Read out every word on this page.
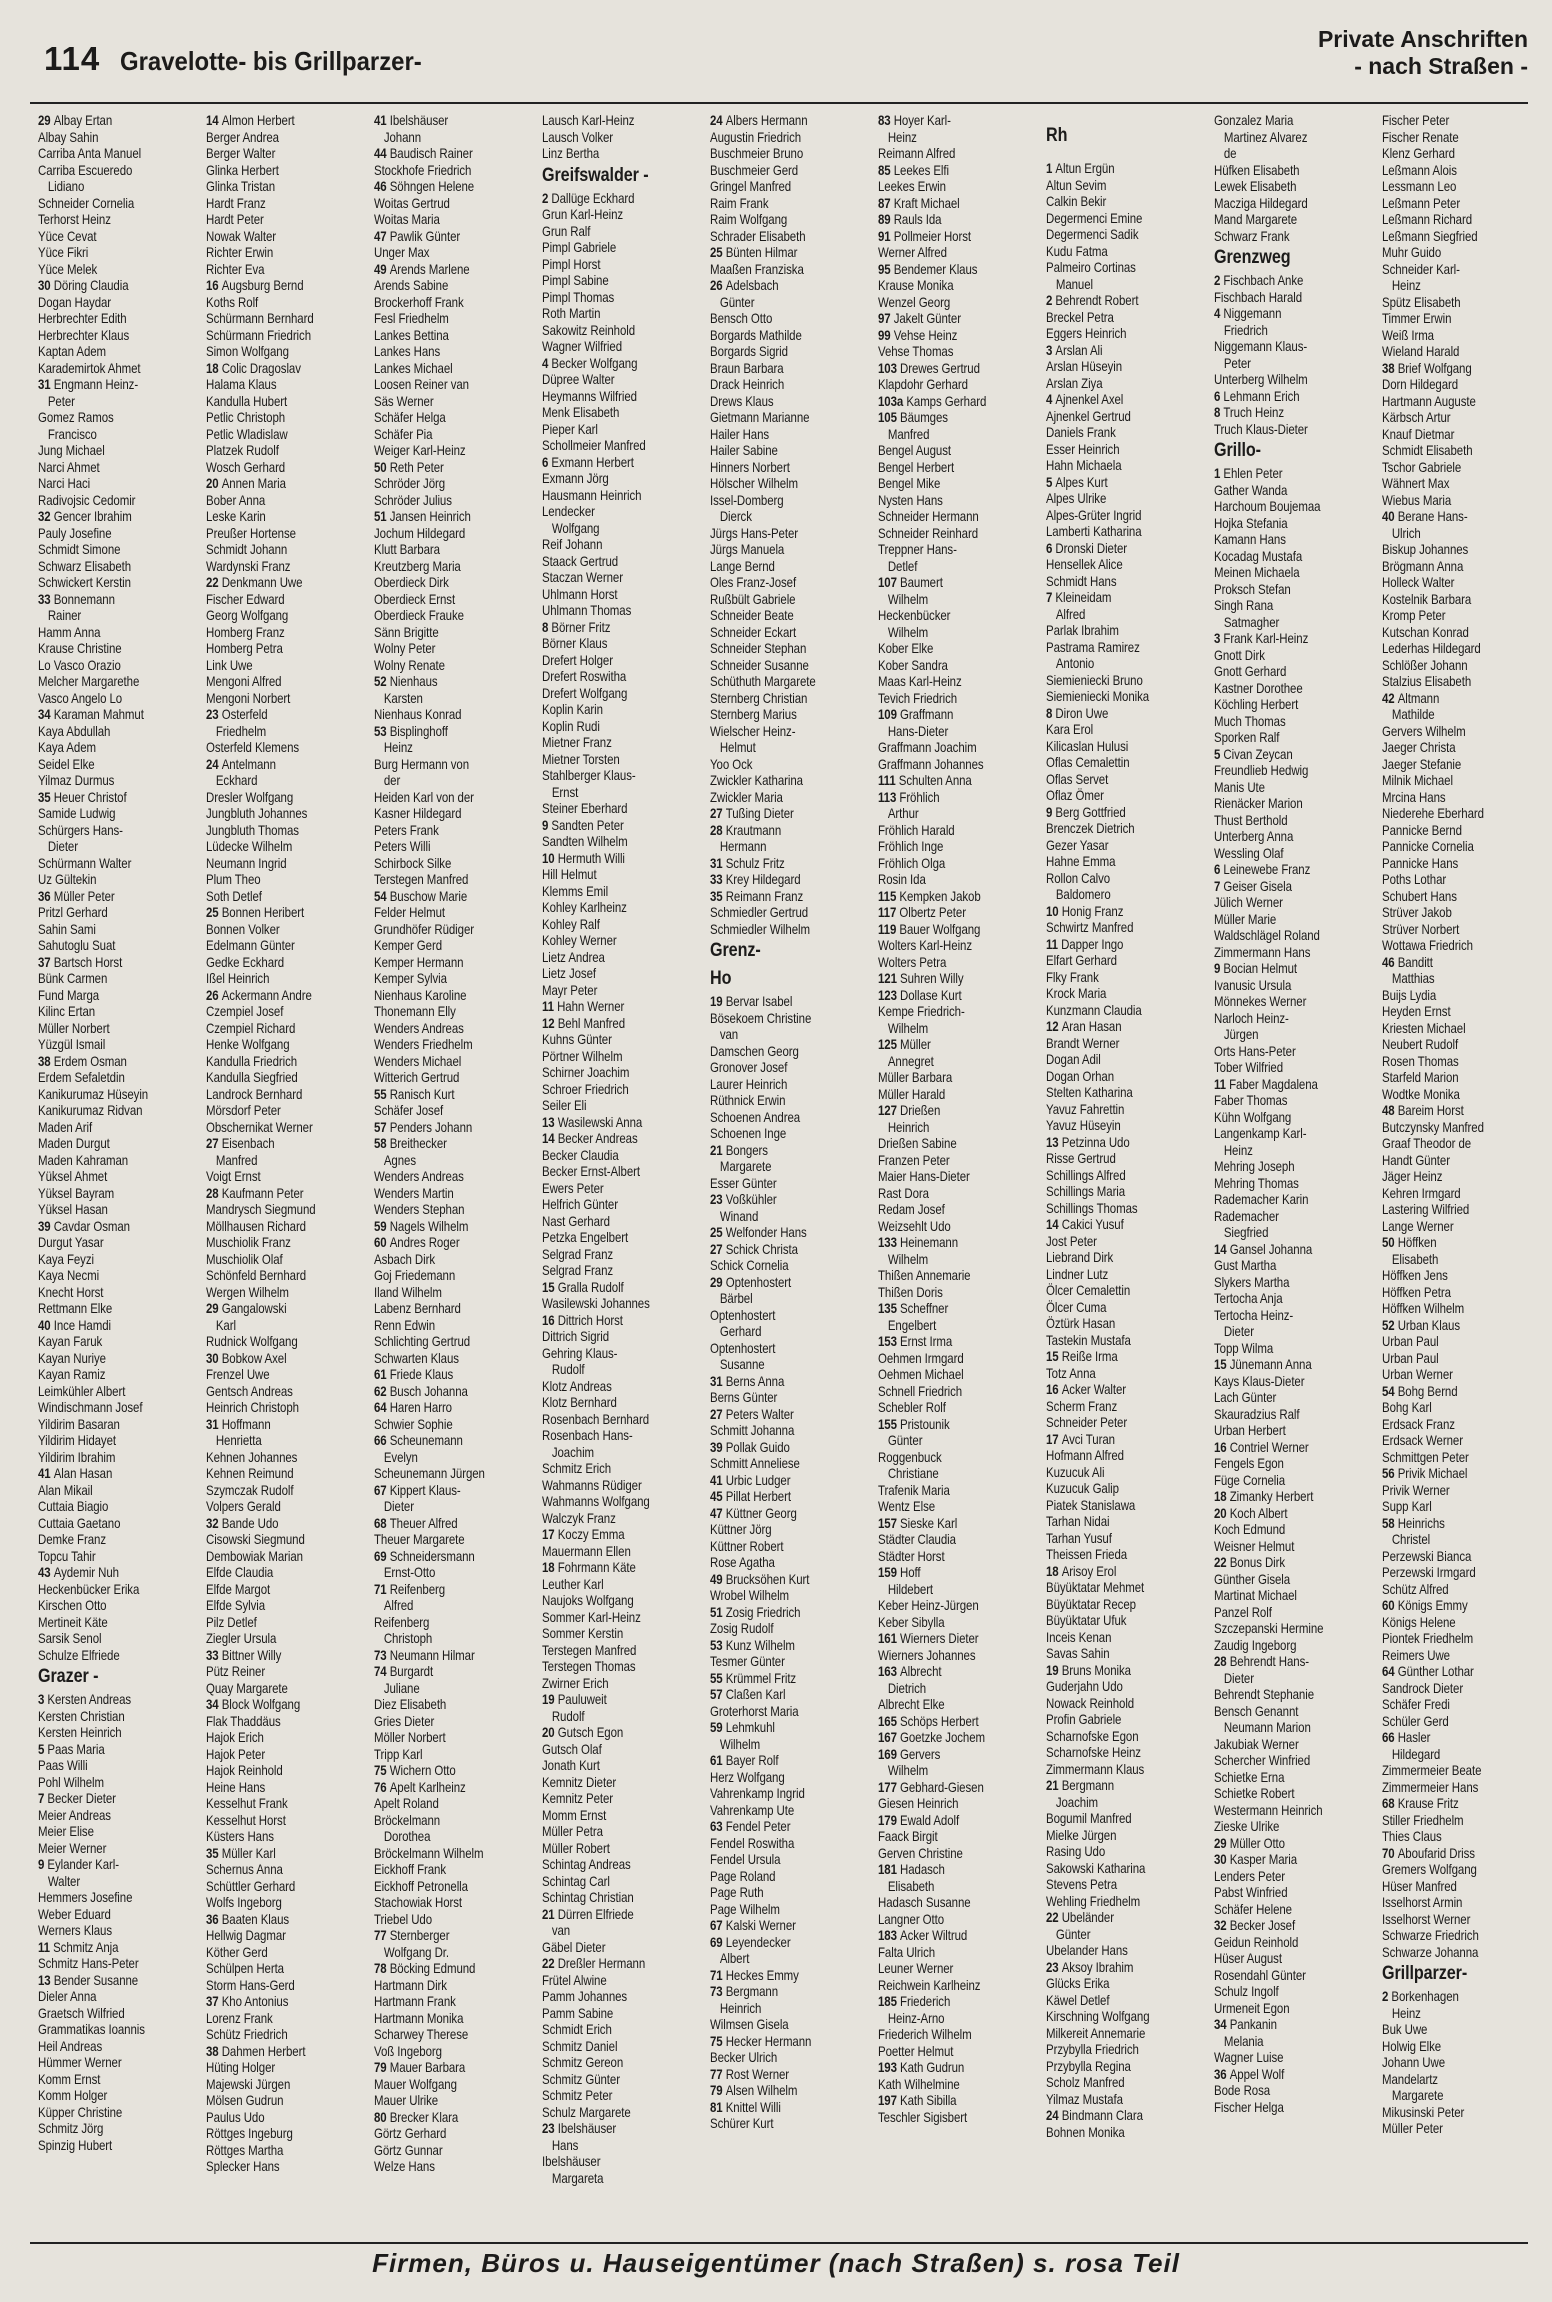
114 Gravelotte- bis Grillparzer-
Private Anschriften
- nach Straßen -
29 Albay Ertan
Albay Sahin
Carriba Anta Manuel
Carriba Escueredo
Lidiano
Schneider Cornelia
Terhorst Heinz
Yüce Cevat
Yüce Fikri
Yüce Melek
30 Döring Claudia
Dogan Haydar
Herbrechter Edith
Herbrechter Klaus
Kaptan Adem
Karademirtok Ahmet
31 Engmann Heinz-
Peter
Gomez Ramos
Francisco
Jung Michael
Narci Ahmet
Narci Haci
Radivojsic Cedomir
32 Gencer Ibrahim
Pauly Josefine
Schmidt Simone
Schwarz Elisabeth
Schwickert Kerstin
33 Bonnemann
Rainer
Hamm Anna
Krause Christine
Lo Vasco Orazio
Melcher Margarethe
Vasco Angelo Lo
34 Karaman Mahmut
Kaya Abdullah
Kaya Adem
Seidel Elke
Yilmaz Durmus
35 Heuer Christof
Samide Ludwig
Schürgers Hans-
Dieter
Schürmann Walter
Uz Gültekin
36 Müller Peter
Pritzl Gerhard
Sahin Sami
Sahutoglu Suat
37 Bartsch Horst
Bünk Carmen
Fund Marga
Kilinc Ertan
Müller Norbert
Yüzgül Ismail
38 Erdem Osman
Erdem Sefaletdin
Kanikurumaz Hüseyin
Kanikurumaz Ridvan
Maden Arif
Maden Durgut
Maden Kahraman
Yüksel Ahmet
Yüksel Bayram
Yüksel Hasan
39 Cavdar Osman
Durgut Yasar
Kaya Feyzi
Kaya Necmi
Knecht Horst
Rettmann Elke
40 Ince Hamdi
Kayan Faruk
Kayan Nuriye
Kayan Ramiz
Leimkühler Albert
Windischmann Josef
Yildirim Basaran
Yildirim Hidayet
Yildirim Ibrahim
41 Alan Hasan
Alan Mikail
Cuttaia Biagio
Cuttaia Gaetano
Demke Franz
Topcu Tahir
43 Aydemir Nuh
Heckenbücker Erika
Kirschen Otto
Mertineit Käte
Sarsik Senol
Schulze Elfriede
Grazer -
3 Kersten Andreas
Kersten Christian
Kersten Heinrich
5 Paas Maria
Paas Willi
Pohl Wilhelm
7 Becker Dieter
Meier Andreas
Meier Elise
Meier Werner
9 Eylander Karl-
Walter
Hemmers Josefine
Weber Eduard
Werners Klaus
11 Schmitz Anja
Schmitz Hans-Peter
13 Bender Susanne
Dieler Anna
Graetsch Wilfried
Grammatikas Ioannis
Heil Andreas
Hümmer Werner
Komm Ernst
Komm Holger
Küpper Christine
Schmitz Jörg
Spinzig Hubert
14 Almon Herbert
Berger Andrea
Berger Walter
Glinka Herbert
Glinka Tristan
Hardt Franz
Hardt Peter
Nowak Walter
Richter Erwin
Richter Eva
16 Augsburg Bernd
Koths Rolf
Schürmann Bernhard
Schürmann Friedrich
Simon Wolfgang
18 Colic Dragoslav
Halama Klaus
Kandulla Hubert
Petlic Christoph
Petlic Wladislaw
Platzek Rudolf
Wosch Gerhard
20 Annen Maria
Bober Anna
Leske Karin
Preußer Hortense
Schmidt Johann
Wardynski Franz
22 Denkmann Uwe
Fischer Edward
Georg Wolfgang
Homberg Franz
Homberg Petra
Link Uwe
Mengoni Alfred
Mengoni Norbert
23 Osterfeld
Friedhelm
Osterfeld Klemens
24 Antelmann
Eckhard
Dresler Wolfgang
Jungbluth Johannes
Jungbluth Thomas
Lüdecke Wilhelm
Neumann Ingrid
Plum Theo
Soth Detlef
25 Bonnen Heribert
Bonnen Volker
Edelmann Günter
Gedke Eckhard
Ißel Heinrich
26 Ackermann Andre
Czempiel Josef
Czempiel Richard
Henke Wolfgang
Kandulla Friedrich
Kandulla Siegfried
Landrock Bernhard
Mörsdorf Peter
Obschernikat Werner
27 Eisenbach
Manfred
Voigt Ernst
28 Kaufmann Peter
Mandrysch Siegmund
Möllhausen Richard
Muschiolik Franz
Muschiolik Olaf
Schönfeld Bernhard
Wergen Wilhelm
29 Gangalowski
Karl
Rudnick Wolfgang
30 Bobkow Axel
Frenzel Uwe
Gentsch Andreas
Heinrich Christoph
31 Hoffmann
Henrietta
Kehnen Johannes
Kehnen Reimund
Szymczak Rudolf
Volpers Gerald
32 Bande Udo
Cisowski Siegmund
Dembowiak Marian
Elfde Claudia
Elfde Margot
Elfde Sylvia
Pilz Detlef
Ziegler Ursula
33 Bittner Willy
Pütz Reiner
Quay Margarete
34 Block Wolfgang
Flak Thaddäus
Hajok Erich
Hajok Peter
Hajok Reinhold
Heine Hans
Kesselhut Frank
Kesselhut Horst
Küsters Hans
35 Müller Karl
Schernus Anna
Schüttler Gerhard
Wolfs Ingeborg
36 Baaten Klaus
Hellwig Dagmar
Köther Gerd
Schülpen Herta
Storm Hans-Gerd
37 Kho Antonius
Lorenz Frank
Schütz Friedrich
38 Dahmen Herbert
Hüting Holger
Majewski Jürgen
Mölsen Gudrun
Paulus Udo
Röttges Ingeburg
Röttges Martha
Splecker Hans
41 Ibelshäuser
Johann
44 Baudisch Rainer
Stockhofe Friedrich
46 Söhngen Helene
Woitas Gertrud
Woitas Maria
47 Pawlik Günter
Unger Max
49 Arends Marlene
Arends Sabine
Brockerhoff Frank
Fesl Friedhelm
Lankes Bettina
Lankes Hans
Lankes Michael
Loosen Reiner van
Säs Werner
Schäfer Helga
Schäfer Pia
Weiger Karl-Heinz
50 Reth Peter
Schröder Jörg
Schröder Julius
51 Jansen Heinrich
Jochum Hildegard
Klutt Barbara
Kreutzberg Maria
Oberdieck Dirk
Oberdieck Ernst
Oberdieck Frauke
Sänn Brigitte
Wolny Peter
Wolny Renate
52 Nienhaus
Karsten
Nienhaus Konrad
53 Bisplinghoff
Heinz
Burg Hermann von
der
Heiden Karl von der
Kasner Hildegard
Peters Frank
Peters Willi
Schirbock Silke
Terstegen Manfred
54 Buschow Marie
Felder Helmut
Grundhöfer Rüdiger
Kemper Gerd
Kemper Hermann
Kemper Sylvia
Nienhaus Karoline
Thonemann Elly
Wenders Andreas
Wenders Friedhelm
Wenders Michael
Witterich Gertrud
55 Ranisch Kurt
Schäfer Josef
57 Penders Johann
58 Breithecker
Agnes
Wenders Andreas
Wenders Martin
Wenders Stephan
59 Nagels Wilhelm
60 Andres Roger
Asbach Dirk
Goj Friedemann
Iland Wilhelm
Labenz Bernhard
Renn Edwin
Schlichting Gertrud
Schwarten Klaus
61 Friede Klaus
62 Busch Johanna
64 Haren Harro
Schwier Sophie
66 Scheunemann
Evelyn
Scheunemann Jürgen
67 Kippert Klaus-
Dieter
68 Theuer Alfred
Theuer Margarete
69 Schneidersmann
Ernst-Otto
71 Reifenberg
Alfred
Reifenberg
Christoph
73 Neumann Hilmar
74 Burgardt
Juliane
Diez Elisabeth
Gries Dieter
Möller Norbert
Tripp Karl
75 Wichern Otto
76 Apelt Karlheinz
Apelt Roland
Bröckelmann
Dorothea
Bröckelmann Wilhelm
Eickhoff Frank
Eickhoff Petronella
Stachowiak Horst
Triebel Udo
77 Sternberger
Wolfgang Dr.
78 Böcking Edmund
Hartmann Dirk
Hartmann Frank
Hartmann Monika
Scharwey Therese
Voß Ingeborg
79 Mauer Barbara
Mauer Wolfgang
Mauer Ulrike
80 Brecker Klara
Görtz Gerhard
Görtz Gunnar
Welze Hans
Lausch Karl-Heinz
Lausch Volker
Linz Bertha
Greifswalder -
2 Dallüge Eckhard
Grun Karl-Heinz
Grun Ralf
Pimpl Gabriele
Pimpl Horst
Pimpl Sabine
Pimpl Thomas
Roth Martin
Sakowitz Reinhold
Wagner Wilfried
4 Becker Wolfgang
Düpree Walter
Heymanns Wilfried
Menk Elisabeth
Pieper Karl
Schollmeier Manfred
6 Exmann Herbert
Exmann Jörg
Hausmann Heinrich
Lendecker
Wolfgang
Reif Johann
Staack Gertrud
Staczan Werner
Uhlmann Horst
Uhlmann Thomas
8 Börner Fritz
Börner Klaus
Drefert Holger
Drefert Roswitha
Drefert Wolfgang
Koplin Karin
Koplin Rudi
Mietner Franz
Mietner Torsten
Stahlberger Klaus-
Ernst
Steiner Eberhard
9 Sandten Peter
Sandten Wilhelm
10 Hermuth Willi
Hill Helmut
Klemms Emil
Kohley Karlheinz
Kohley Ralf
Kohley Werner
Lietz Andrea
Lietz Josef
Mayr Peter
11 Hahn Werner
12 Behl Manfred
Kuhns Günter
Pörtner Wilhelm
Schirner Joachim
Schroer Friedrich
Seiler Eli
13 Wasilewski Anna
14 Becker Andreas
Becker Claudia
Becker Ernst-Albert
Ewers Peter
Helfrich Günter
Nast Gerhard
Petzka Engelbert
Selgrad Franz
Selgrad Franz
15 Gralla Rudolf
Wasilewski Johannes
16 Dittrich Horst
Dittrich Sigrid
Gehring Klaus-
Rudolf
Klotz Andreas
Klotz Bernhard
Rosenbach Bernhard
Rosenbach Hans-
Joachim
Schmitz Erich
Wahmanns Rüdiger
Wahmanns Wolfgang
Walczyk Franz
17 Koczy Emma
Mauermann Ellen
18 Fohrmann Käte
Leuther Karl
Naujoks Wolfgang
Sommer Karl-Heinz
Sommer Kerstin
Terstegen Manfred
Terstegen Thomas
Zwirner Erich
19 Pauluweit
Rudolf
20 Gutsch Egon
Gutsch Olaf
Jonath Kurt
Kemnitz Dieter
Kemnitz Peter
Momm Ernst
Müller Petra
Müller Robert
Schintag Andreas
Schintag Carl
Schintag Christian
21 Dürren Elfriede
van
Gäbel Dieter
22 Dreßler Hermann
Frütel Alwine
Pamm Johannes
Pamm Sabine
Schmidt Erich
Schmitz Daniel
Schmitz Gereon
Schmitz Günter
Schmitz Peter
Schulz Margarete
23 Ibelshäuser
Hans
Ibelshäuser
Margareta
24 Albers Hermann
Augustin Friedrich
Buschmeier Bruno
Buschmeier Gerd
Gringel Manfred
Raim Frank
Raim Wolfgang
Schrader Elisabeth
25 Bünten Hilmar
Maaßen Franziska
26 Adelsbach
Günter
Bensch Otto
Borgards Mathilde
Borgards Sigrid
Braun Barbara
Drack Heinrich
Drews Klaus
Gietmann Marianne
Hailer Hans
Hailer Sabine
Hinners Norbert
Hölscher Wilhelm
Issel-Domberg
Dierck
Jürgs Hans-Peter
Jürgs Manuela
Lange Bernd
Oles Franz-Josef
Rußbült Gabriele
Schneider Beate
Schneider Eckart
Schneider Stephan
Schneider Susanne
Schüthuth Margarete
Sternberg Christian
Sternberg Marius
Wielscher Heinz-
Helmut
Yoo Ock
Zwickler Katharina
Zwickler Maria
27 Tußing Dieter
28 Krautmann
Hermann
31 Schulz Fritz
33 Krey Hildegard
35 Reimann Franz
Schmiedler Gertrud
Schmiedler Wilhelm
Grenz-
Ho
19 Bervar Isabel
Bösekoem Christine
van
Damschen Georg
Gronover Josef
Laurer Heinrich
Rüthnick Erwin
Schoenen Andrea
Schoenen Inge
21 Bongers
Margarete
Esser Günter
23 Voßkühler
Winand
25 Welfonder Hans
27 Schick Christa
Schick Cornelia
29 Optenhostert
Bärbel
Optenhostert
Gerhard
Optenhostert
Susanne
31 Berns Anna
Berns Günter
27 Peters Walter
Schmitt Johanna
39 Pollak Guido
Schmitt Anneliese
41 Urbic Ludger
45 Pillat Herbert
47 Küttner Georg
Küttner Jörg
Küttner Robert
Rose Agatha
49 Brucksöhen Kurt
Wrobel Wilhelm
51 Zosig Friedrich
Zosig Rudolf
53 Kunz Wilhelm
Tesmer Günter
55 Krümmel Fritz
57 Claßen Karl
Groterhorst Maria
59 Lehmkuhl
Wilhelm
61 Bayer Rolf
Herz Wolfgang
Vahrenkamp Ingrid
Vahrenkamp Ute
63 Fendel Peter
Fendel Roswitha
Fendel Ursula
Page Roland
Page Ruth
Page Wilhelm
67 Kalski Werner
69 Leyendecker
Albert
71 Heckes Emmy
73 Bergmann
Heinrich
Wilmsen Gisela
75 Hecker Hermann
Becker Ulrich
77 Rost Werner
79 Alsen Wilhelm
81 Knittel Willi
Schürer Kurt
83 Hoyer Karl-
Heinz
Reimann Alfred
85 Leekes Elfi
Leekes Erwin
87 Kraft Michael
89 Rauls Ida
91 Pollmeier Horst
Werner Alfred
95 Bendemer Klaus
Krause Monika
Wenzel Georg
97 Jakelt Günter
99 Vehse Heinz
Vehse Thomas
103 Drewes Gertrud
Klapdohr Gerhard
103a Kamps Gerhard
105 Bäumges
Manfred
Bengel August
Bengel Herbert
Bengel Mike
Nysten Hans
Schneider Hermann
Schneider Reinhard
Treppner Hans-
Detlef
107 Baumert
Wilhelm
Heckenbücker
Wilhelm
Kober Elke
Kober Sandra
Maas Karl-Heinz
Tevich Friedrich
109 Graffmann
Hans-Dieter
Graffmann Joachim
Graffmann Johannes
111 Schulten Anna
113 Fröhlich
Arthur
Fröhlich Harald
Fröhlich Inge
Fröhlich Olga
Rosin Ida
115 Kempken Jakob
117 Olbertz Peter
119 Bauer Wolfgang
Wolters Karl-Heinz
Wolters Petra
121 Suhren Willy
123 Dollase Kurt
Kempe Friedrich-
Wilhelm
125 Müller
Annegret
Müller Barbara
Müller Harald
127 Drießen
Heinrich
Drießen Sabine
Franzen Peter
Maier Hans-Dieter
Rast Dora
Redam Josef
Weizsehlt Udo
133 Heinemann
Wilhelm
Thißen Annemarie
Thißen Doris
135 Scheffner
Engelbert
153 Ernst Irma
Oehmen Irmgard
Oehmen Michael
Schnell Friedrich
Schebler Rolf
155 Pristounik
Günter
Roggenbuck
Christiane
Trafenik Maria
Wentz Else
157 Sieske Karl
Städter Claudia
Städter Horst
159 Hoff
Hildebert
Keber Heinz-Jürgen
Keber Sibylla
161 Wierners Dieter
Wierners Johannes
163 Albrecht
Dietrich
Albrecht Elke
165 Schöps Herbert
167 Goetzke Jochem
169 Gervers
Wilhelm
177 Gebhard-Giesen
Giesen Heinrich
179 Ewald Adolf
Faack Birgit
Gerven Christine
181 Hadasch
Elisabeth
Hadasch Susanne
Langner Otto
183 Acker Wiltrud
Falta Ulrich
Leuner Werner
Reichwein Karlheinz
185 Friederich
Heinz-Arno
Friederich Wilhelm
Poetter Helmut
193 Kath Gudrun
Kath Wilhelmine
197 Kath Sibilla
Teschler Sigisbert
Rh
1 Altun Ergün
Altun Sevim
Calkin Bekir
Degermenci Emine
Degermenci Sadik
Kudu Fatma
Palmeiro Cortinas
Manuel
2 Behrendt Robert
Breckel Petra
Eggers Heinrich
3 Arslan Ali
Arslan Hüseyin
Arslan Ziya
4 Ajnenkel Axel
Ajnenkel Gertrud
Daniels Frank
Esser Heinrich
Hahn Michaela
5 Alpes Kurt
Alpes Ulrike
Alpes-Grüter Ingrid
Lamberti Katharina
6 Dronski Dieter
Hensellek Alice
Schmidt Hans
7 Kleineidam
Alfred
Parlak Ibrahim
Pastrama Ramirez
Antonio
Siemieniecki Bruno
Siemieniecki Monika
8 Diron Uwe
Kara Erol
Kilicaslan Hulusi
Oflas Cemalettin
Oflas Servet
Oflaz Ömer
9 Berg Gottfried
Brenczek Dietrich
Gezer Yasar
Hahne Emma
Rollon Calvo
Baldomero
10 Honig Franz
Schwirtz Manfred
11 Dapper Ingo
Elfart Gerhard
Flky Frank
Krock Maria
Kunzmann Claudia
12 Aran Hasan
Brandt Werner
Dogan Adil
Dogan Orhan
Stelten Katharina
Yavuz Fahrettin
Yavuz Hüseyin
13 Petzinna Udo
Risse Gertrud
Schillings Alfred
Schillings Maria
Schillings Thomas
14 Cakici Yusuf
Jost Peter
Liebrand Dirk
Lindner Lutz
Ölcer Cemalettin
Ölcer Cuma
Öztürk Hasan
Tastekin Mustafa
15 Reiße Irma
Totz Anna
16 Acker Walter
Scherm Franz
Schneider Peter
17 Avci Turan
Hofmann Alfred
Kuzucuk Ali
Kuzucuk Galip
Piatek Stanislawa
Tarhan Nidai
Tarhan Yusuf
Theissen Frieda
18 Arisoy Erol
Büyüktatar Mehmet
Büyüktatar Recep
Büyüktatar Ufuk
Inceis Kenan
Savas Sahin
19 Bruns Monika
Guderjahn Udo
Nowack Reinhold
Profin Gabriele
Scharnofske Egon
Scharnofske Heinz
Zimmermann Klaus
21 Bergmann
Joachim
Bogumil Manfred
Mielke Jürgen
Rasing Udo
Sakowski Katharina
Stevens Petra
Wehling Friedhelm
22 Ubeländer
Günter
Ubelander Hans
23 Aksoy Ibrahim
Glücks Erika
Käwel Detlef
Kirschning Wolfgang
Milkereit Annemarie
Przybylla Friedrich
Przybylla Regina
Scholz Manfred
Yilmaz Mustafa
24 Bindmann Clara
Bohnen Monika
Gonzalez Maria
Martinez Alvarez
de
Hüfken Elisabeth
Lewek Elisabeth
Macziga Hildegard
Mand Margarete
Schwarz Frank
Grenzweg
2 Fischbach Anke
Fischbach Harald
4 Niggemann
Friedrich
Niggemann Klaus-
Peter
Unterberg Wilhelm
6 Lehmann Erich
8 Truch Heinz
Truch Klaus-Dieter
Grillo-
1 Ehlen Peter
Gather Wanda
Harchoum Boujemaa
Hojka Stefania
Kamann Hans
Kocadag Mustafa
Meinen Michaela
Proksch Stefan
Singh Rana
Satmagher
3 Frank Karl-Heinz
Gnott Dirk
Gnott Gerhard
Kastner Dorothee
Köchling Herbert
Much Thomas
Sporken Ralf
5 Civan Zeycan
Freundlieb Hedwig
Manis Ute
Rienäcker Marion
Thust Berthold
Unterberg Anna
Wessling Olaf
6 Leinewebe Franz
7 Geiser Gisela
Jülich Werner
Müller Marie
Waldschlägel Roland
Zimmermann Hans
9 Bocian Helmut
Ivanusic Ursula
Mönnekes Werner
Narloch Heinz-
Jürgen
Orts Hans-Peter
Tober Wilfried
11 Faber Magdalena
Faber Thomas
Kühn Wolfgang
Langenkamp Karl-
Heinz
Mehring Joseph
Mehring Thomas
Rademacher Karin
Rademacher
Siegfried
14 Gansel Johanna
Gust Martha
Slykers Martha
Tertocha Anja
Tertocha Heinz-
Dieter
Topp Wilma
15 Jünemann Anna
Kays Klaus-Dieter
Lach Günter
Skauradzius Ralf
Urban Herbert
16 Contriel Werner
Fengels Egon
Füge Cornelia
18 Zimanky Herbert
20 Koch Albert
Koch Edmund
Weisner Helmut
22 Bonus Dirk
Günther Gisela
Martinat Michael
Panzel Rolf
Szczepanski Hermine
Zaudig Ingeborg
28 Behrendt Hans-
Dieter
Behrendt Stephanie
Bensch Genannt
Neumann Marion
Jakubiak Werner
Schercher Winfried
Schietke Erna
Schietke Robert
Westermann Heinrich
Zieske Ulrike
29 Müller Otto
30 Kasper Maria
Lenders Peter
Pabst Winfried
Schäfer Helene
32 Becker Josef
Geidun Reinhold
Hüser August
Rosendahl Günter
Schulz Ingolf
Urmeneit Egon
34 Pankanin
Melania
Wagner Luise
36 Appel Wolf
Bode Rosa
Fischer Helga
Fischer Peter
Fischer Renate
Klenz Gerhard
Leßmann Alois
Lessmann Leo
Leßmann Peter
Leßmann Richard
Leßmann Siegfried
Muhr Guido
Schneider Karl-
Heinz
Spütz Elisabeth
Timmer Erwin
Weiß Irma
Wieland Harald
38 Brief Wolfgang
Dorn Hildegard
Hartmann Auguste
Kärbsch Artur
Knauf Dietmar
Schmidt Elisabeth
Tschor Gabriele
Wähnert Max
Wiebus Maria
40 Berane Hans-
Ulrich
Biskup Johannes
Brögmann Anna
Holleck Walter
Kostelnik Barbara
Kromp Peter
Kutschan Konrad
Lederhas Hildegard
Schlößer Johann
Stalzius Elisabeth
42 Altmann
Mathilde
Gervers Wilhelm
Jaeger Christa
Jaeger Stefanie
Milnik Michael
Mrcina Hans
Niederehe Eberhard
Pannicke Bernd
Pannicke Cornelia
Pannicke Hans
Poths Lothar
Schubert Hans
Strüver Jakob
Strüver Norbert
Wottawa Friedrich
46 Banditt
Matthias
Buijs Lydia
Heyden Ernst
Kriesten Michael
Neubert Rudolf
Rosen Thomas
Starfeld Marion
Wodtke Monika
48 Bareim Horst
Butczynsky Manfred
Graaf Theodor de
Handt Günter
Jäger Heinz
Kehren Irmgard
Lastering Wilfried
Lange Werner
50 Höffken
Elisabeth
Höffken Jens
Höffken Petra
Höffken Wilhelm
52 Urban Klaus
Urban Paul
Urban Paul
Urban Werner
54 Bohg Bernd
Bohg Karl
Erdsack Franz
Erdsack Werner
Schmittgen Peter
56 Privik Michael
Privik Werner
Supp Karl
58 Heinrichs
Christel
Perzewski Bianca
Perzewski Irmgard
Schütz Alfred
60 Königs Emmy
Königs Helene
Piontek Friedhelm
Reimers Uwe
64 Günther Lothar
Sandrock Dieter
Schäfer Fredi
Schüler Gerd
66 Hasler
Hildegard
Zimmermeier Beate
Zimmermeier Hans
68 Krause Fritz
Stiller Friedhelm
Thies Claus
70 Aboufarid Driss
Gremers Wolfgang
Hüser Manfred
Isselhorst Armin
Isselhorst Werner
Schwarze Friedrich
Schwarze Johanna
Grillparzer-
2 Borkenhagen
Heinz
Buk Uwe
Holwig Elke
Johann Uwe
Mandelartz
Margarete
Mikusinski Peter
Müller Peter
Firmen, Büros u. Hauseigentümer (nach Straßen) s. rosa Teil
